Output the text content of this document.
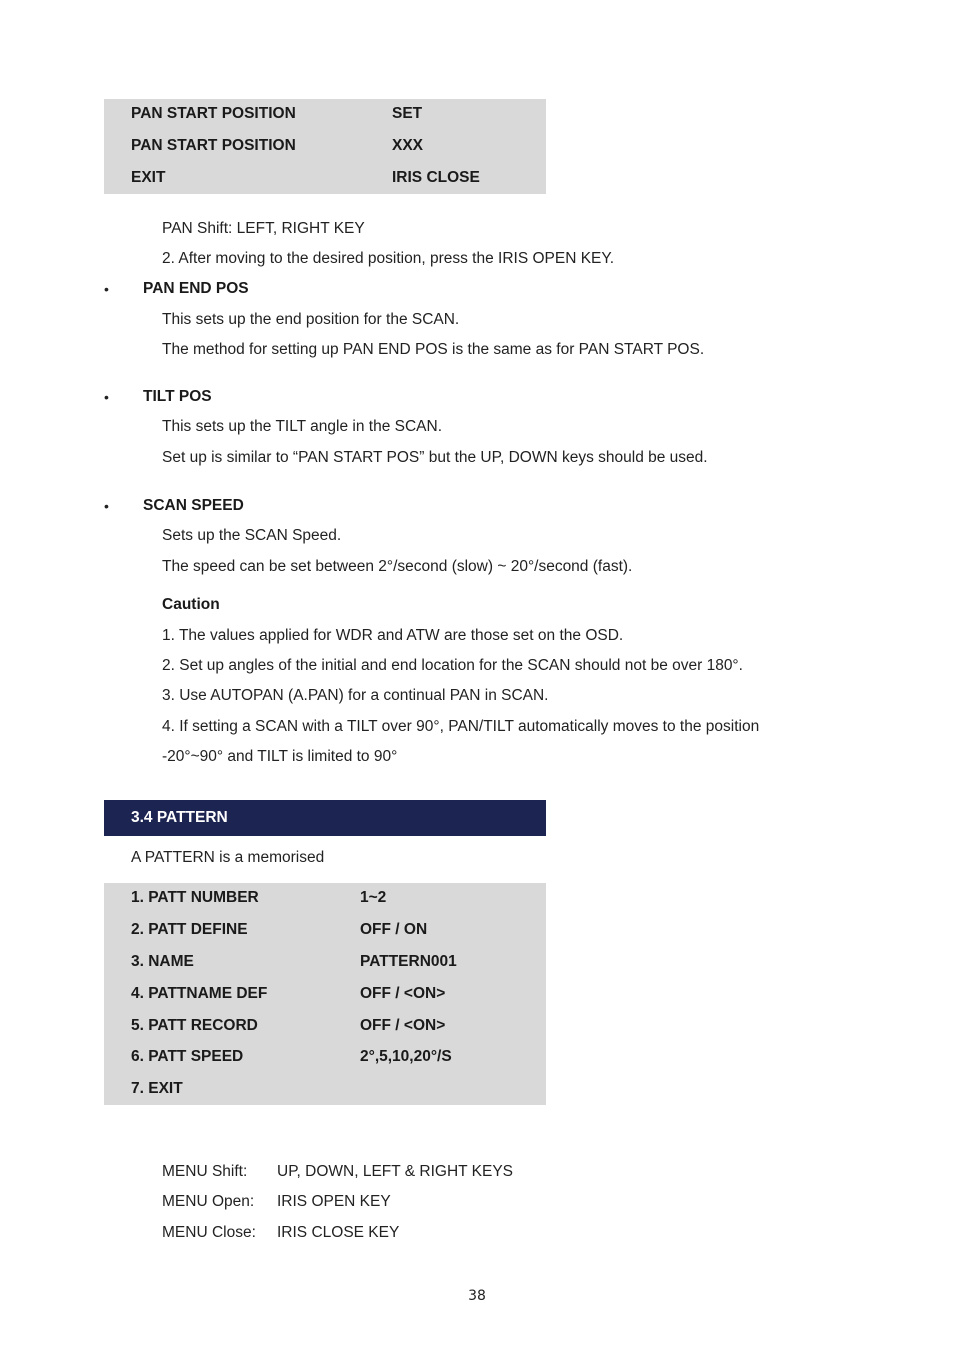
PAN START POSITION	SET
PAN START POSITION	XXX
EXIT	IRIS CLOSE
PAN Shift: LEFT, RIGHT KEY
2. After moving to the desired position, press the IRIS OPEN KEY.
• PAN END POS
This sets up the end position for the SCAN.
The method for setting up PAN END POS is the same as for PAN START POS.
• TILT POS
This sets up the TILT angle in the SCAN.
Set up is similar to “PAN START POS” but the UP, DOWN keys should be used.
• SCAN SPEED
Sets up the SCAN Speed.
The speed can be set between 2°/second (slow) ~ 20°/second (fast).
Caution
1. The values applied for WDR and ATW are those set on the OSD.
2. Set up angles of the initial and end location for the SCAN should not be over 180°.
3. Use AUTOPAN (A.PAN) for a continual PAN in SCAN.
4. If setting a SCAN with a TILT over 90°, PAN/TILT automatically moves to the position
-20°~90° and TILT is limited to 90°
3.4 PATTERN
A PATTERN is a memorised
1. PATT NUMBER	1~2
2. PATT DEFINE	OFF / ON
3. NAME	PATTERN001
4. PATTNAME DEF	OFF / <ON>
5. PATT RECORD	OFF / <ON>
6. PATT SPEED	2°,5,10,20°/S
7. EXIT
MENU Shift: UP, DOWN, LEFT & RIGHT KEYS
MENU Open: IRIS OPEN KEY
MENU Close: IRIS CLOSE KEY
38
